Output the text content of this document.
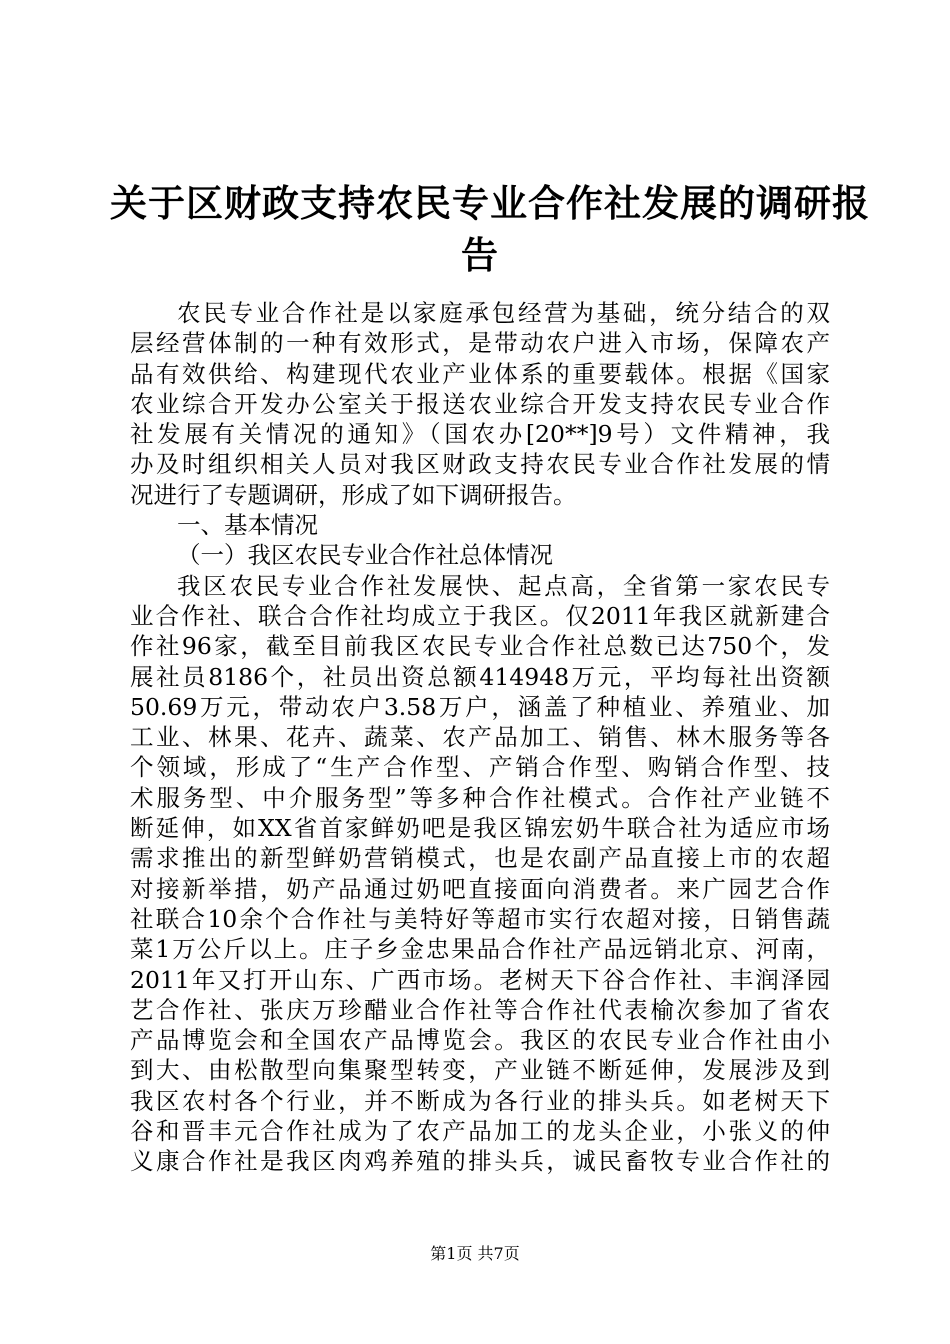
关于区财政支持农民专业合作社发展的调研报
告
农民专业合作社是以家庭承包经营为基础，统分结合的双
层经营体制的一种有效形式，是带动农户进入市场，保障农产
品有效供给、构建现代农业产业体系的重要载体。根据《国家
农业综合开发办公室关于报送农业综合开发支持农民专业合作
社发展有关情况的通知》（国农办[20**]9号）文件精神，我
办及时组织相关人员对我区财政支持农民专业合作社发展的情
况进行了专题调研，形成了如下调研报告。
一、基本情况
（一）我区农民专业合作社总体情况
我区农民专业合作社发展快、起点高，全省第一家农民专
业合作社、联合合作社均成立于我区。仅2011年我区就新建合
作社96家，截至目前我区农民专业合作社总数已达750个，发
展社员8186个，社员出资总额414948万元，平均每社出资额
50.69万元，带动农户3.58万户，涵盖了种植业、养殖业、加
工业、林果、花卉、蔬菜、农产品加工、销售、林木服务等各
个领域，形成了“生产合作型、产销合作型、购销合作型、技
术服务型、中介服务型”等多种合作社模式。合作社产业链不
断延伸，如XX省首家鲜奶吧是我区锦宏奶牛联合社为适应市场
需求推出的新型鲜奶营销模式，也是农副产品直接上市的农超
对接新举措，奶产品通过奶吧直接面向消费者。来广园艺合作
社联合10余个合作社与美特好等超市实行农超对接，日销售蔬
菜1万公斤以上。庄子乡金忠果品合作社产品远销北京、河南，
2011年又打开山东、广西市场。老树天下谷合作社、丰润泽园
艺合作社、张庆万珍醋业合作社等合作社代表榆次参加了省农
产品博览会和全国农产品博览会。我区的农民专业合作社由小
到大、由松散型向集聚型转变，产业链不断延伸，发展涉及到
我区农村各个行业，并不断成为各行业的排头兵。如老树天下
谷和晋丰元合作社成为了农产品加工的龙头企业，小张义的仲
义康合作社是我区肉鸡养殖的排头兵，诚民畜牧专业合作社的
第1页 共7页
